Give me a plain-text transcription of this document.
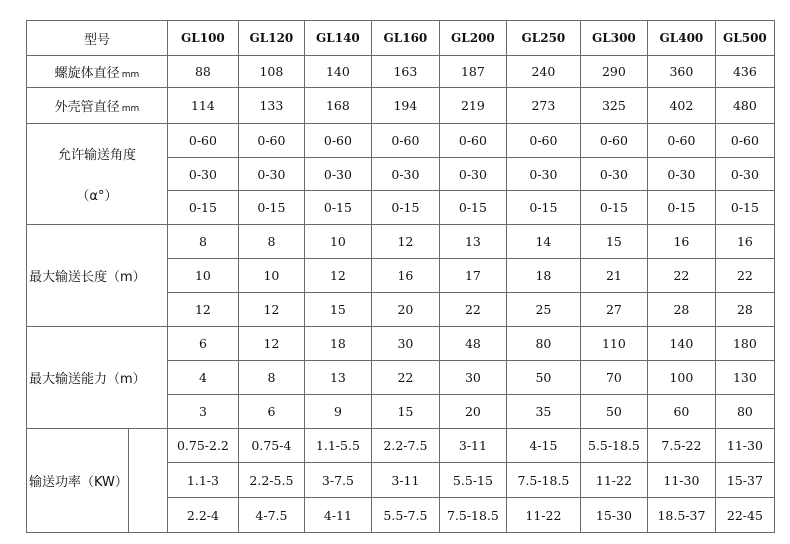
型号		GL100	GL120	GL140	GL160	GL200	GL250	GL300	GL400	GL500
螺旋体直径 mm		88	108	140	163	187	240	290	360	436
外壳管直径 mm		114	133	168	194	219	273	325	402	480

允许输送角度
（α°）		0-60	0-60	0-60	0-60	0-60	0-60	0-60	0-60	0-60
		0-30	0-30	0-30	0-30	0-30	0-30	0-30	0-30	0-30
		0-15	0-15	0-15	0-15	0-15	0-15	0-15	0-15	0-15
最大输送长度（m）		8	8	10	12	13	14	15	16	16
		10	10	12	16	17	18	21	22	22
		12	12	15	20	22	25	27	28	28
最大输送能力（m）		6	12	18	30	48	80	110	140	180
		4	8	13	22	30	50	70	100	130
		3	6	9	15	20	35	50	60	80
输送功率（KW）		0.75-2.2	0.75-4	1.1-5.5	2.2-7.5	3-11	4-15	5.5-18.5	7.5-22	11-30
		1.1-3	2.2-5.5	3-7.5	3-11	5.5-15	7.5-18.5	11-22	11-30	15-37
		2.2-4	4-7.5	4-11	5.5-7.5	7.5-18.5	11-22	15-30	18.5-37	22-45
